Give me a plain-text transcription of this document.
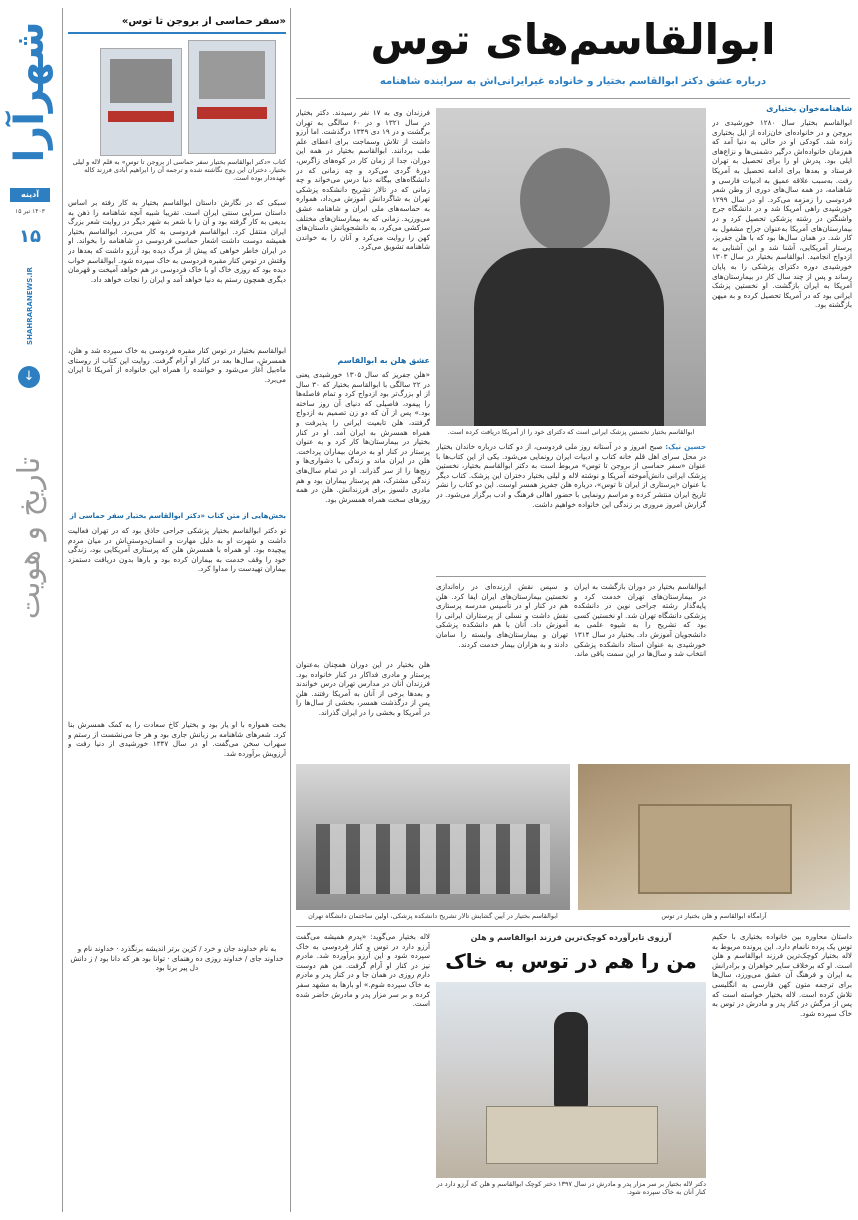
شهرآرا
آدینه
۱۴۰۳ تیر ۱۵
SHAHRARANEWS.IR
۱۵
↓
تاریخ و هویت
«سفر حماسی از بروجن تا توس»
کتاب «دکتر ابوالقاسم بختیار سفر حماسی از بروجن تا توس» به قلم لاله و لیلی بختیار، دختران این زوج نگاشته شده و ترجمه آن را ابراهیم آبادی فرزند کاله عهده‌دار بوده است.
سبکی که در نگارش داستان ابوالقاسم بختیار به کار رفته بر اساس داستان سرایی سنتی ایران است. تقریبا شبیه آنچه شاهنامه را ذهن به بدیعی به کار گرفته بود و آن را با شعر به شهر دیگر در روایت شعر بزرگ ایران منتقل کرد. ابوالقاسم فردوسی به کار می‌برد. ابوالقاسم بختیار همیشه دوست داشت اشعار حماسی فردوسی در شاهنامه را بخواند. او در ایران خاطر خواهی که پیش از مرگ دیده بود آرزو داشت که بعدها در وقتش در توس کنار مقبره فردوسی به خاک سپرده شود. ابوالقاسم خواب دیده بود که روزی خاک او با خاک فردوسی در هم خواهد آمیخت و قهرمان دیگری همچون رستم به دنیا خواهد آمد و ایران را نجات خواهد داد.
ابوالقاسم بختیار در توس کنار مقبره فردوسی به خاک سپرده شد و هلن، همسرش، سال‌ها بعد در کنار او آرام گرفت. روایت این کتاب از روستای ماه‌بیل آغاز می‌شود و خواننده را همراه این خانواده از آمریکا تا ایران می‌برد.
بخش‌هایی از متن کتاب «دکتر ابوالقاسم بختیار سفر حماسی از
تو دکتر ابوالقاسم بختیار پزشکی جراحی حاذق بود که در تهران فعالیت داشت و شهرت او به دلیل مهارت و انسان‌دوستی‌اش در میان مردم پیچیده بود. او همراه با همسرش هلن که پرستاری آمریکایی بود، زندگی خود را وقف خدمت به بیماران کرده بود و بارها بدون دریافت دستمزد بیماران تهیدست را مداوا کرد.
بخت همواره با او یار بود و بختیار کاخ سعادت را به کمک همسرش بنا کرد. شعرهای شاهنامه بر زبانش جاری بود و هر جا می‌نشست از رستم و سهراب سخن می‌گفت. او در سال ۱۳۴۷ خورشیدی از دنیا رفت و آرزویش برآورده شد.
به نام خداوند جان و خرد / کزین برتر اندیشه برنگذرد · خداوند نام و خداوند جای / خداوند روزی ده رهنمای · توانا بود هر که دانا بود / ز دانش دل پیر برنا بود
ابوالقاسم‌های توس
درباره عشق دکتر ابوالقاسم بختیار و خانواده غیرایرانی‌اش به سراینده شاهنامه
شاهنامه‌خوان بختیاری
ابوالقاسم بختیار سال ۱۲۸۰ خورشیدی در بروجن و در خانواده‌ای خان‌زاده از ایل بختیاری زاده شد. کودکی او در حالی به دنیا آمد که هم‌زمان خانواده‌اش درگیر دشمنی‌ها و نزاع‌های ایلی بود. پدرش او را برای تحصیل به تهران فرستاد و بعدها برای ادامه تحصیل به آمریکا رفت. به‌سبب علاقه عمیق به ادبیات فارسی و شاهنامه، در همه سال‌های دوری از وطن شعر فردوسی را زمزمه می‌کرد. او در سال ۱۲۹۹ خورشیدی راهی آمریکا شد و در دانشگاه جرج واشنگتن در رشته پزشکی تحصیل کرد و در بیمارستان‌های آمریکا به‌عنوان جراح مشغول به کار شد. در همان سال‌ها بود که با هلن جفریز، پرستار آمریکایی، آشنا شد و این آشنایی به ازدواج انجامید. ابوالقاسم بختیار در سال ۱۳۰۳ خورشیدی دوره دکترای پزشکی را به پایان رساند و پس از چند سال کار در بیمارستان‌های آمریکا به ایران بازگشت. او نخستین پزشک ایرانی بود که در آمریکا تحصیل کرده و به میهن بازگشته بود.
ابوالقاسم بختیار نخستین پزشک ایرانی است که دکترای خود را از آمریکا دریافت کرده است.
فرزندان وی به ۱۷ نفر رسیدند. دکتر بختیار در سال ۱۳۲۱ و در ۶۰ سالگی به تهران برگشت و در ۱۹ دی ۱۳۴۹ درگذشت. اما آرزو داشت از تلاش وسماجت برای اعطای علم طب بردانند. ابوالقاسم بختیار در همه این دوران، جدا از زمان کار در کوه‌های زاگرس، دورهٔ گردی می‌کرد و چه زمانی که در دانشگاه‌های بیگانه دنیا درس می‌خواند و چه زمانی که در تالار تشریح دانشکده پزشکی تهران به شاگردانش آموزش می‌داد، همواره به حماسه‌های ملی ایران و شاهنامه عشق می‌ورزید. زمانی که به بیمارستان‌های مختلف سرکشی می‌کرد، به دانشجویانش داستان‌های کهن را روایت می‌کرد و آنان را به خواندن شاهنامه تشویق می‌کرد.
عشق هلن به ابوالقاسم
«هلن جفریز که سال ۱۳۰۵ خورشیدی یعنی در ۲۲ سالگی با ابوالقاسم بختیار که ۳۰ سال از او بزرگ‌تر بود ازدواج کرد و تمام فاصله‌ها را پیمود، فاصیلی که دنیای آن روز ساخته بود.» پس از آن که دو زن تصمیم به ازدواج گرفتند، هلن تابعیت ایرانی را پذیرفت و همراه همسرش به ایران آمد. او در کنار بختیار در بیمارستان‌ها کار کرد و به عنوان پرستار در کنار او به درمان بیماران پرداخت. هلن در ایران ماند و زندگی با دشواری‌ها و رنج‌ها را از سر گذراند. او در تمام سال‌های زندگی مشترک، هم پرستار بیماران بود و هم مادری دلسوز برای فرزندانش. هلن در همه روزهای سخت همراه همسرش بود.
حسین نیک: صبح امروز و در آستانه روز ملی فردوسی، از دو کتاب درباره خاندان بختیار در محل سرای اهل قلم خانه کتاب و ادبیات ایران رونمایی می‌شود. یکی از این کتاب‌ها با عنوان «سفر حماسی از بروجن تا توس» مربوط است به دکتر ابوالقاسم بختیار، نخستین پزشک ایرانی دانش‌آموخته آمریکا و نوشته لاله و لیلی بختیار دختران این پزشک. کتاب دیگر با عنوان «پرستاری از ایران تا توس»، درباره هلن جفریز همسر اوست. این دو کتاب را نشر تاریخ ایران منتشر کرده و مراسم رونمایی با حضور اهالی فرهنگ و ادب برگزار می‌شود. در گزارش امروز مروری بر زندگی این خانواده خواهیم داشت.
ابوالقاسم بختیار در دوران بازگشت به ایران در بیمارستان‌های تهران خدمت کرد و پایه‌گذار رشته جراحی نوین در دانشکده پزشکی دانشگاه تهران شد. او نخستین کسی بود که تشریح را به شیوه علمی به دانشجویان آموزش داد. بختیار در سال ۱۳۱۴ خورشیدی به عنوان استاد دانشکده پزشکی انتخاب شد و سال‌ها در این سمت باقی ماند.
و سپس نقش ارزنده‌ای در راه‌اندازی نخستین بیمارستان‌های ایران ایفا کرد. هلن هم در کنار او در تأسیس مدرسه پرستاری نقش داشت و نسلی از پرستاران ایرانی را آموزش داد. آنان با هم دانشکده پزشکی تهران و بیمارستان‌های وابسته را سامان دادند و به هزاران بیمار خدمت کردند.
هلن بختیار در این دوران همچنان به‌عنوان پرستار و مادری فداکار در کنار خانواده بود. فرزندان آنان در مدارس تهران درس خواندند و بعدها برخی از آنان به آمریکا رفتند. هلن پس از درگذشت همسر، بخشی از سال‌ها را در آمریکا و بخشی را در ایران گذراند.
ابوالقاسم بختیار در آیین گشایش تالار تشریح دانشکده پزشکی، اولین ساختمان دانشگاه تهران	آرامگاه ابوالقاسم و هلن بختیار در توس
داستان محاوره بین خانواده بختیاری با حکیم توس یک پرده نانمام دارد. این پرونده مربوط به لاله بختیار کوچک‌ترین فرزند ابوالقاسم و هلن است. او که برخلاف سایر خواهران و برادرانش به ایران و فرهنگ آن عشق می‌ورزد، سال‌ها برای ترجمه متون کهن فارسی به انگلیسی تلاش کرده است. لاله بختیار خواسته است که پس از مرگش در کنار پدر و مادرش در توس به خاک سپرده شود.
آرزوی تابرآورده کوچک‌ترین فرزند ابوالقاسم و هلن
من را هم در توس به خاک
دکتر لاله بختیار بر سر مزار پدر و مادرش در سال ۱۳۹۷ دختر کوچک ابوالقاسم و هلن که آرزو دارد در کنار آنان به خاک سپرده شود.
لاله بختیار می‌گوید: «پدرم همیشه می‌گفت آرزو دارد در توس و کنار فردوسی به خاک سپرده شود و این آرزو برآورده شد. مادرم نیز در کنار او آرام گرفت. من هم دوست دارم روزی در همان جا و در کنار پدر و مادرم به خاک سپرده شوم.» او بارها به مشهد سفر کرده و بر سر مزار پدر و مادرش حاضر شده است.
